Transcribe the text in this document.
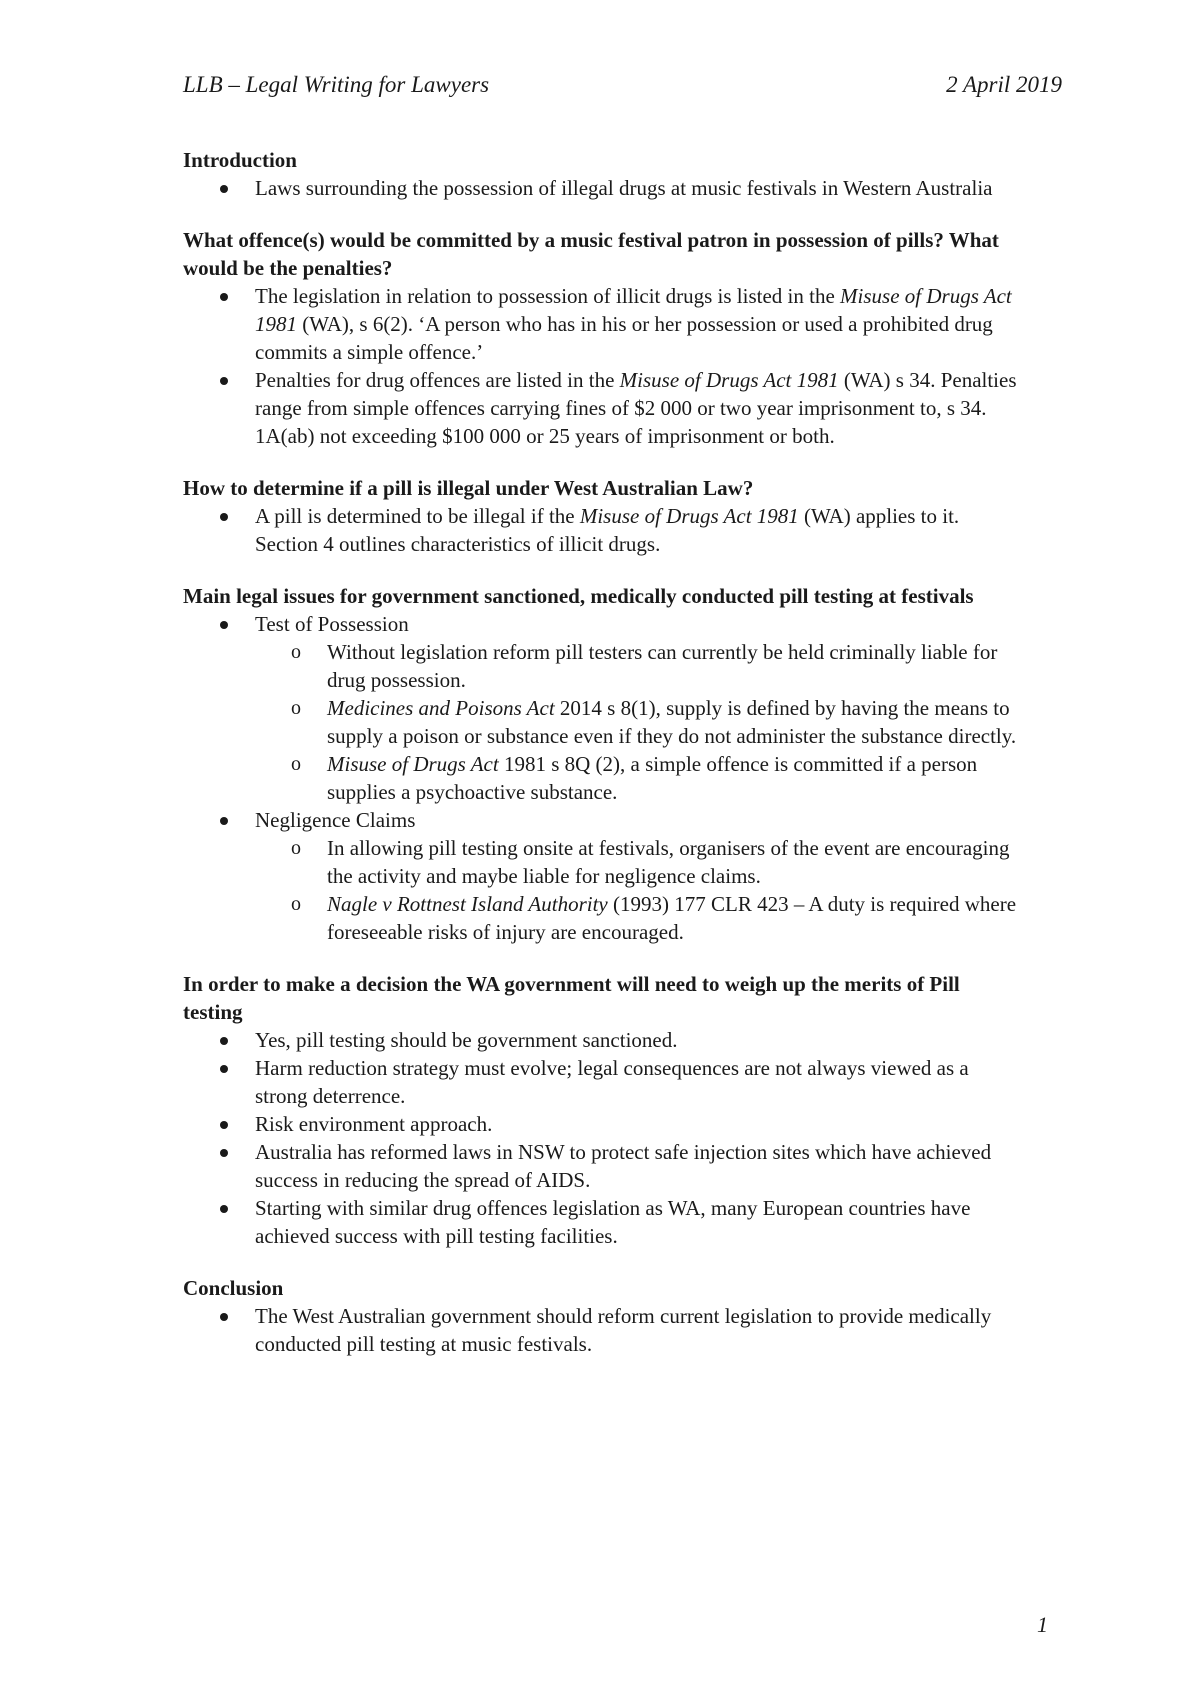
LLB – Legal Writing for Lawyers	2 April 2019

Introduction

Laws surrounding the possession of illegal drugs at music festivals in Western Australia

What offence(s) would be committed by a music festival patron in possession of pills? What would be the penalties?

The legislation in relation to possession of illicit drugs is listed in the Misuse of Drugs Act 1981 (WA), s 6(2). ‘A person who has in his or her possession or used a prohibited drug commits a simple offence.’
Penalties for drug offences are listed in the Misuse of Drugs Act 1981 (WA) s 34. Penalties range from simple offences carrying fines of $2 000 or two year imprisonment to, s 34. 1A(ab) not exceeding $100 000 or 25 years of imprisonment or both.

How to determine if a pill is illegal under West Australian Law?

A pill is determined to be illegal if the Misuse of Drugs Act 1981 (WA) applies to it. Section 4 outlines characteristics of illicit drugs.

Main legal issues for government sanctioned, medically conducted pill testing at festivals

Test of Possession
o Without legislation reform pill testers can currently be held criminally liable for drug possession.
o Medicines and Poisons Act 2014 s 8(1), supply is defined by having the means to supply a poison or substance even if they do not administer the substance directly.
o Misuse of Drugs Act 1981 s 8Q (2), a simple offence is committed if a person supplies a psychoactive substance.
Negligence Claims
o In allowing pill testing onsite at festivals, organisers of the event are encouraging the activity and maybe liable for negligence claims.
o Nagle v Rottnest Island Authority (1993) 177 CLR 423 – A duty is required where foreseeable risks of injury are encouraged.

In order to make a decision the WA government will need to weigh up the merits of Pill testing

Yes, pill testing should be government sanctioned.
Harm reduction strategy must evolve; legal consequences are not always viewed as a strong deterrence.
Risk environment approach.
Australia has reformed laws in NSW to protect safe injection sites which have achieved success in reducing the spread of AIDS.
Starting with similar drug offences legislation as WA, many European countries have achieved success with pill testing facilities.

Conclusion

The West Australian government should reform current legislation to provide medically conducted pill testing at music festivals.
1
